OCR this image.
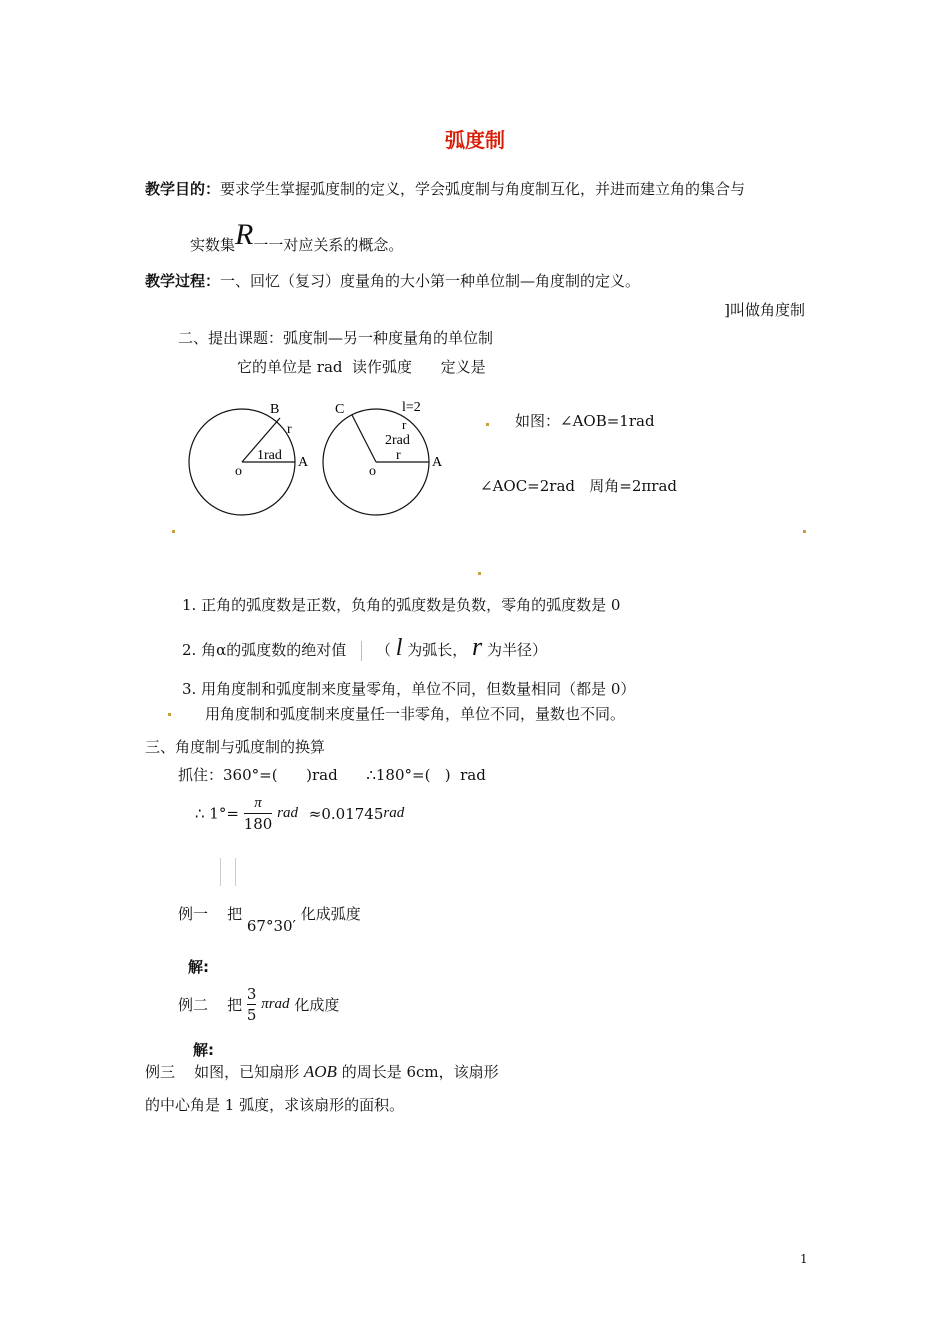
弧度制
教学目的：要求学生掌握弧度制的定义，学会弧度制与角度制互化，并进而建立角的集合与
实数集R一一对应关系的概念。
教学过程：一、回忆（复习）度量角的大小第一种单位制—角度制的定义。
]叫做角度制
二、提出课题：弧度制—另一种度量角的单位制
它的单位是 rad  读作弧度      定义是
B
r
1rad A
o
C	l=2
r
2rad
r A
o
如图：∠AOB=1rad
∠AOC=2rad   周角=2πrad
1. 正角的弧度数是正数，负角的弧度数是负数，零角的弧度数是 0
2. 角α的弧度数的绝对值 （ l 为弧长， r 为半径）
3. 用角度制和弧度制来度量零角，单位不同，但数量相同（都是 0）
用角度制和弧度制来度量任一非零角，单位不同，量数也不同。
三、角度制与弧度制的换算
抓住：360°=(      )rad      ∴180°=(   )  rad
∴ $1^\circ= \frac{\pi}{180}$ rad ≈0.01745rad
例一    把 67°30′ 化成弧度
解:
例二    把 $\frac{3}{5}$ πrad 化成度
解:
例三    如图，已知扇形 AOB 的周长是 6cm，该扇形
的中心角是 1 弧度，求该扇形的面积。
1
